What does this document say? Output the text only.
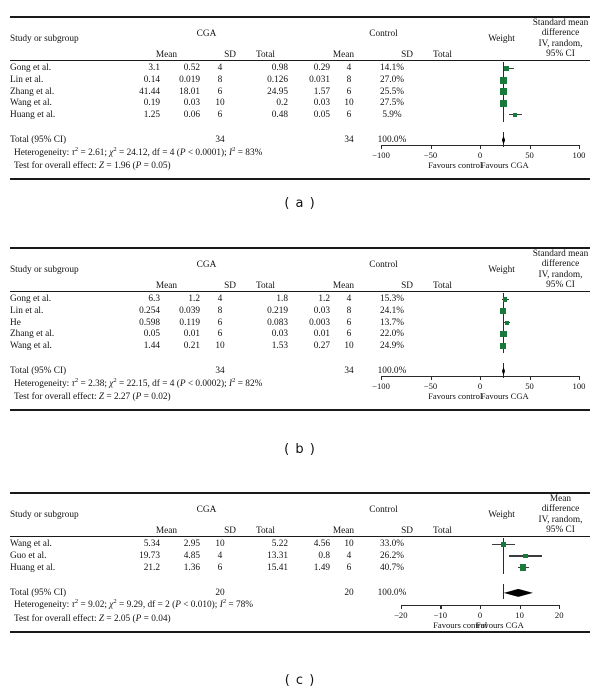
Study or subgroup	CGA			Control			Weight	Standard mean difference
IV, random, 95% CI
	Mean	SD	Total	Mean	SD	Total		
Gong et al.	3.1	0.52	4	0.98	0.29	4	14.1%	

Lin et al.	0.14	0.019	8	0.126	0.031	8	27.0%	

Zhang et al.	41.44	18.01	6	24.95	1.57	6	25.5%	

Wang et al.	0.19	0.03	10	0.2	0.03	10	27.5%	

Huang et al.	1.25	0.06	6	0.48	0.05	6	5.9%	

Total (95% CI)			34			34	100.0%	
Heterogeneity: $\tau^2 = 2.61$; $\chi^2 = 24.12$, df = 4 (P < 0.0001); $I^2 = 83\%$
Test for overall effect: Z = 1.96 (P = 0.05)
Study or subgroup	CGA			Control			Weight	Standard mean difference
IV, random, 95% CI
	Mean	SD	Total	Mean	SD	Total		
Gong et al.	6.3	1.2	4	1.8	1.2	4	15.3%	

Lin et al.	0.254	0.039	8	0.219	0.03	8	24.1%	

He	0.598	0.119	6	0.083	0.003	6	13.7%	

Zhang et al.	0.05	0.01	6	0.03	0.01	6	22.0%	

Wang et al.	1.44	0.21	10	1.53	0.27	10	24.9%	

Total (95% CI)			34			34	100.0%	
Heterogeneity: $\tau^2 = 2.38$; $\chi^2 = 22.15$, df = 4 (P < 0.0002); $I^2 = 82\%$
Test for overall effect: Z = 2.27 (P = 0.02)
Study or subgroup	CGA			Control			Weight	Mean difference
IV, random, 95% CI
	Mean	SD	Total	Mean	SD	Total		
Wang et al.	5.34	2.95	10	5.22	4.56	10	33.0%	

Guo et al.	19.73	4.85	4	13.31	0.8	4	26.2%	

Huang et al.	21.2	1.36	6	15.41	1.49	6	40.7%	

Total (95% CI)			20			20	100.0%	
Heterogeneity: $\tau^2 = 9.02$; $\chi^2 = 9.29$, df = 2 (P < 0.010); $I^2 = 78\%$
Test for overall effect: Z = 2.05 (P = 0.04)
−100	−50	0	50	100
Favours control
Favours CGA
−100	−50	0	50	100
Favours control
Favours CGA
−20	−10	0	10	20
Favours control
Favours CGA
( a )
( b )
( c )
